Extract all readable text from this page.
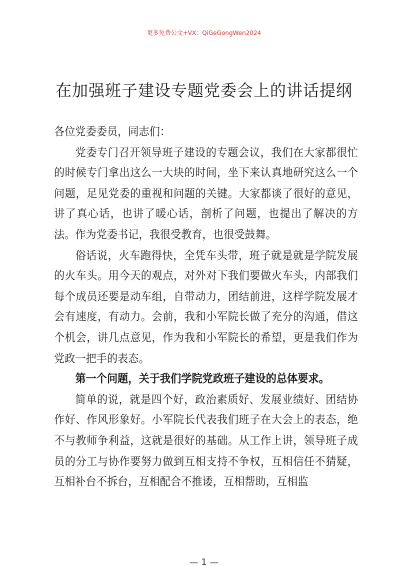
更多免费公文+VX：QiGeGongWen2024
在加强班子建设专题党委会上的讲话提纲

各位党委委员，同志们：

党委专门召开领导班子建设的专题会议，我们在大家都很忙的时候专门拿出这么一大块的时间，坐下来认真地研究这么一个问题，足见党委的重视和问题的关键。大家都谈了很好的意见，讲了真心话，也讲了暖心话，剖析了问题，也提出了解决的方法。作为党委书记，我很受教育，也很受鼓舞。

俗话说，火车跑得快，全凭车头带，班子就是就是学院发展的火车头。用今天的观点，对外对下我们要做火车头，内部我们每个成员还要是动车组，自带动力，团结前进，这样学院发展才会有速度，有动力。会前，我和小军院长做了充分的沟通，借这个机会，讲几点意见，作为我和小军院长的希望，更是我们作为党政一把手的表态。

第一个问题，关于我们学院党政班子建设的总体要求。

简单的说，就是四个好，政治素质好、发展业绩好、团结协作好、作风形象好。小军院长代表我们班子在大会上的表态，绝不与教师争利益，这就是很好的基础。从工作上讲，领导班子成员的分工与协作要努力做到互相支持不争权，互相信任不猜疑，互相补台不拆台，互相配合不推诿，互相帮助，互相监

— 1 —
